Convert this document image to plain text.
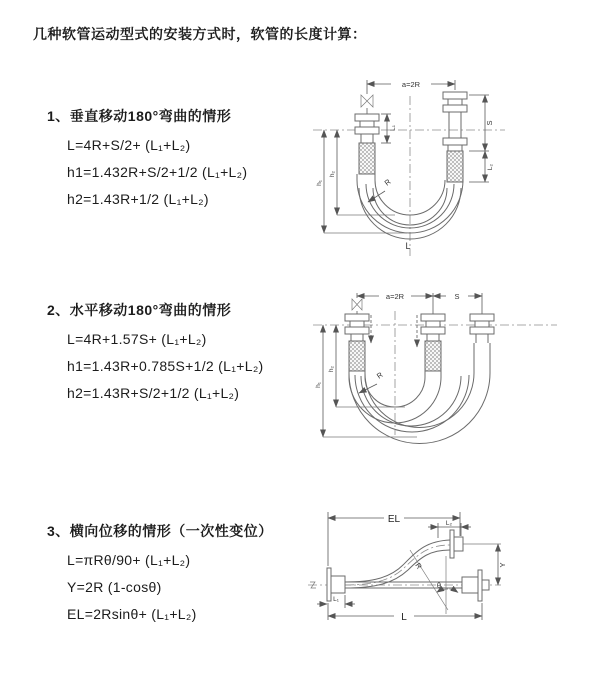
几种软管运动型式的安装方式时，软管的长度计算：
1、垂直移动180°弯曲的情形
L=4R+S/2+ (L₁+L₂)
h1=1.432R+S/2+1/2 (L₁+L₂)
h2=1.43R+1/2 (L₁+L₂)
2、水平移动180°弯曲的情形
L=4R+1.57S+ (L₁+L₂)
h1=1.43R+0.785S+1/2 (L₁+L₂)
h2=1.43R+S/2+1/2 (L₁+L₂)
3、横向位移的情形（一次性变位）
L=πRθ/90+ (L₁+L₂)
Y=2R (1-cosθ)
EL=2Rsinθ+ (L₁+L₂)
a=2R
S
L₂
L₁
h₁
h₂
R
L
a=2R	S
h₁
h₂
R
EL	L₂
Y
θ
R
L₁
L
